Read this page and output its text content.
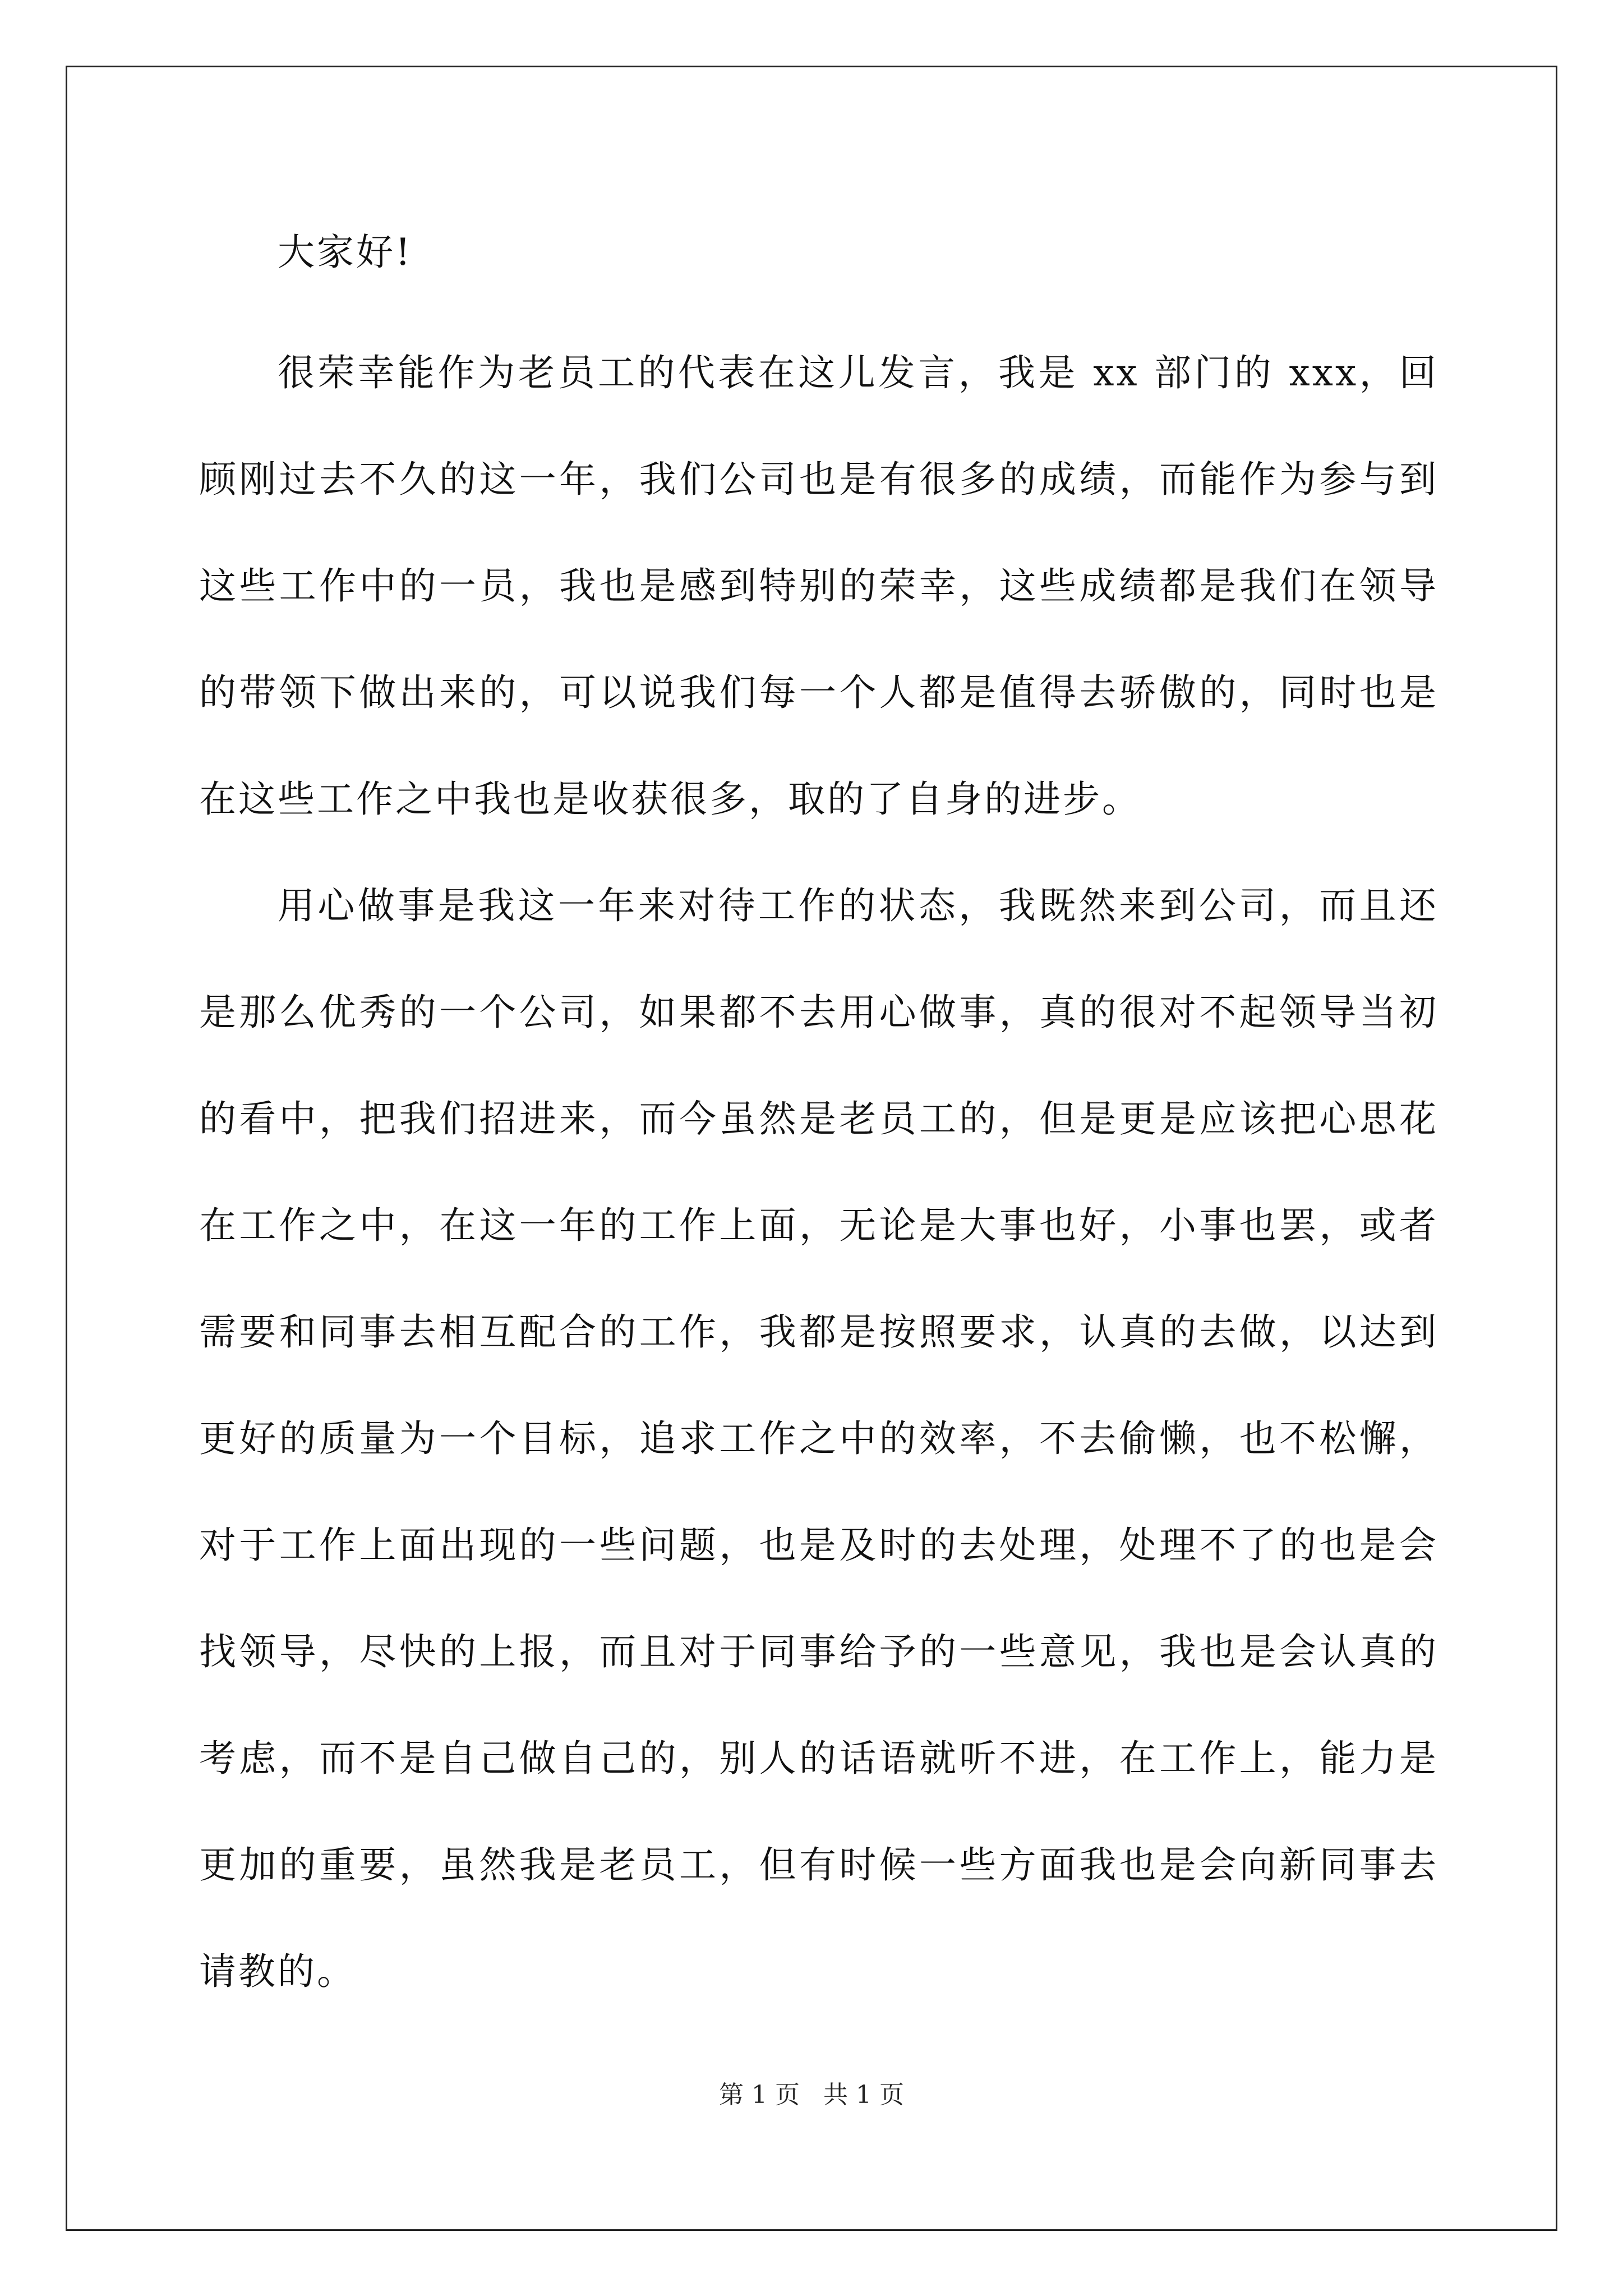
大家好!

很荣幸能作为老员工的代表在这儿发言，我是 xx 部门的 xxx，回顾刚过去不久的这一年，我们公司也是有很多的成绩，而能作为参与到这些工作中的一员，我也是感到特别的荣幸，这些成绩都是我们在领导的带领下做出来的，可以说我们每一个人都是值得去骄傲的，同时也是在这些工作之中我也是收获很多，取的了自身的进步。

用心做事是我这一年来对待工作的状态，我既然来到公司，而且还是那么优秀的一个公司，如果都不去用心做事，真的很对不起领导当初的看中，把我们招进来，而今虽然是老员工的，但是更是应该把心思花在工作之中，在这一年的工作上面，无论是大事也好，小事也罢，或者需要和同事去相互配合的工作，我都是按照要求，认真的去做，以达到更好的质量为一个目标，追求工作之中的效率，不去偷懒，也不松懈，对于工作上面出现的一些问题，也是及时的去处理，处理不了的也是会找领导，尽快的上报，而且对于同事给予的一些意见，我也是会认真的考虑，而不是自己做自己的，别人的话语就听不进，在工作上，能力是更加的重要，虽然我是老员工，但有时候一些方面我也是会向新同事去请教的。

第 1 页   共 1 页
